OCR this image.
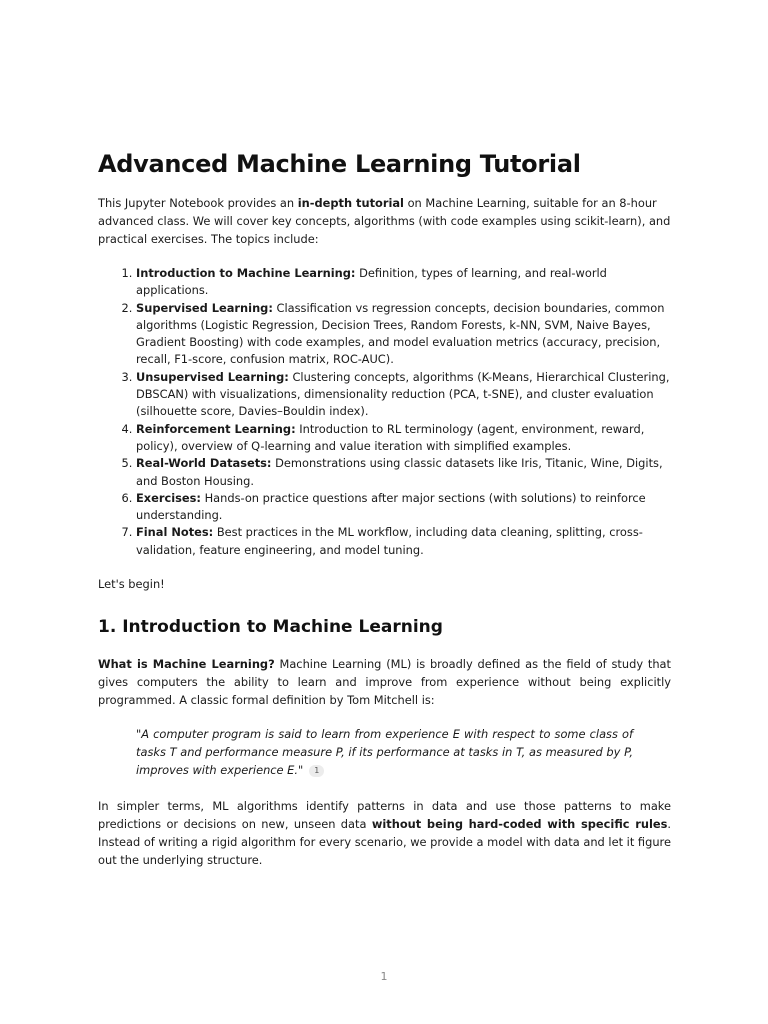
Advanced Machine Learning Tutorial

This Jupyter Notebook provides an in-depth tutorial on Machine Learning, suitable for an 8-hour advanced class. We will cover key concepts, algorithms (with code examples using scikit-learn), and practical exercises. The topics include:

1. Introduction to Machine Learning: Definition, types of learning, and real-world applications.
2. Supervised Learning: Classification vs regression concepts, decision boundaries, common algorithms (Logistic Regression, Decision Trees, Random Forests, k-NN, SVM, Naive Bayes, Gradient Boosting) with code examples, and model evaluation metrics (accuracy, precision, recall, F1-score, confusion matrix, ROC-AUC).
3. Unsupervised Learning: Clustering concepts, algorithms (K-Means, Hierarchical Clustering, DBSCAN) with visualizations, dimensionality reduction (PCA, t-SNE), and cluster evaluation (silhouette score, Davies–Bouldin index).
4. Reinforcement Learning: Introduction to RL terminology (agent, environment, reward, policy), overview of Q-learning and value iteration with simplified examples.
5. Real-World Datasets: Demonstrations using classic datasets like Iris, Titanic, Wine, Digits, and Boston Housing.
6. Exercises: Hands-on practice questions after major sections (with solutions) to reinforce understanding.
7. Final Notes: Best practices in the ML workflow, including data cleaning, splitting, cross-validation, feature engineering, and model tuning.

Let's begin!

1. Introduction to Machine Learning

What is Machine Learning? Machine Learning (ML) is broadly defined as the field of study that gives computers the ability to learn and improve from experience without being explicitly programmed. A classic formal definition by Tom Mitchell is:

"A computer program is said to learn from experience E with respect to some class of tasks T and performance measure P, if its performance at tasks in T, as measured by P, improves with experience E." 1

In simpler terms, ML algorithms identify patterns in data and use those patterns to make predictions or decisions on new, unseen data without being hard-coded with specific rules. Instead of writing a rigid algorithm for every scenario, we provide a model with data and let it figure out the underlying structure.

1
